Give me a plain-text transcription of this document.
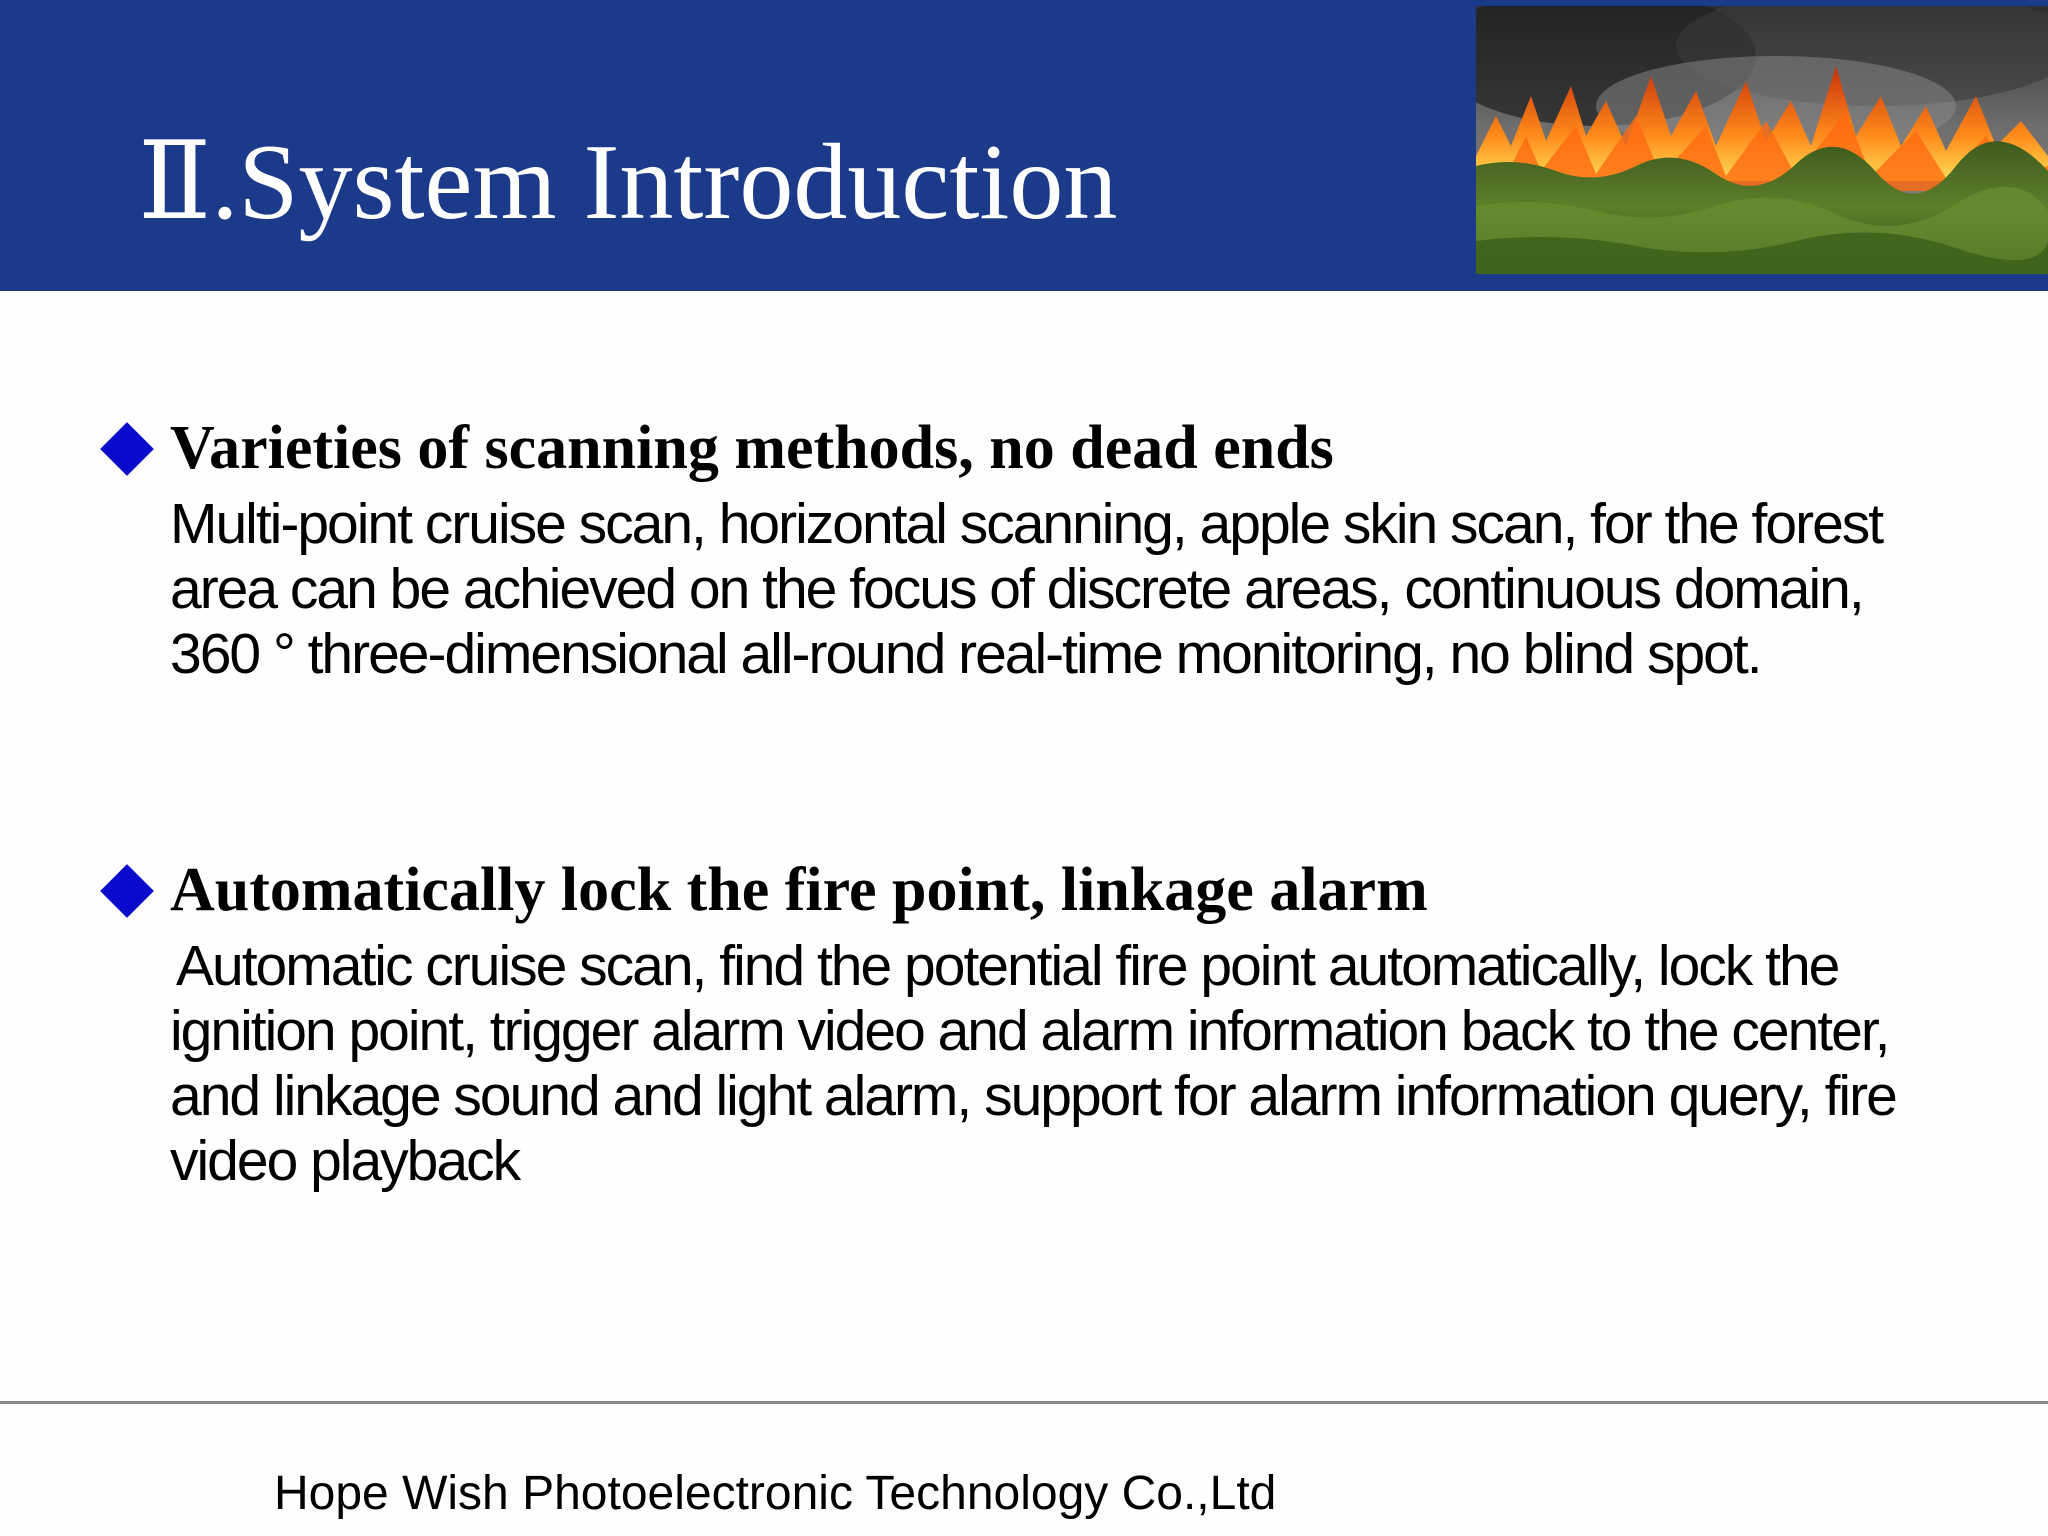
Ⅱ.System Introduction
Varieties of scanning methods, no dead ends

Multi-point cruise scan, horizontal scanning, apple skin scan, for the forest area can be achieved on the focus of discrete areas, continuous domain, 360 ° three-dimensional all-round real-time monitoring, no blind spot.

Automatically lock the fire point, linkage alarm

Automatic cruise scan, find the potential fire point automatically, lock the ignition point, trigger alarm video and alarm information back to the center, and linkage sound and light alarm, support for alarm information query, fire video playback

Hope Wish Photoelectronic Technology Co.,Ltd
